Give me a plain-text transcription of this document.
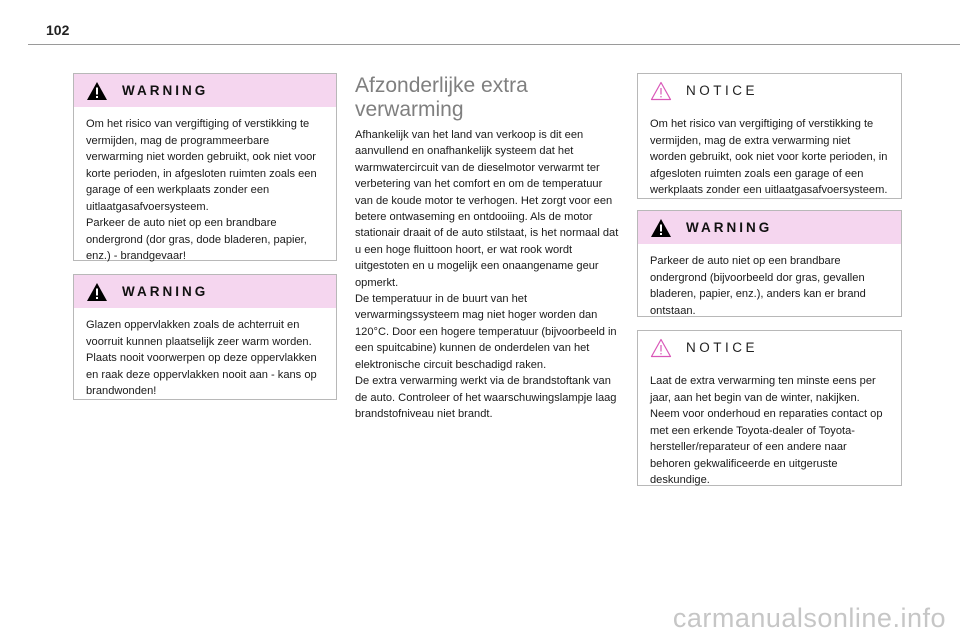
102
WARNING

Om het risico van vergiftiging of verstikking te vermijden, mag de programmeerbare verwarming niet worden gebruikt, ook niet voor korte perioden, in afgesloten ruimten zoals een garage of een werkplaats zonder een uitlaatgasafvoersysteem.

Parkeer de auto niet op een brandbare ondergrond (dor gras, dode bladeren, papier, enz.) - brandgevaar!

WARNING

Glazen oppervlakken zoals de achterruit en voorruit kunnen plaatselijk zeer warm worden. Plaats nooit voorwerpen op deze oppervlakken en raak deze oppervlakken nooit aan - kans op brandwonden!

Afzonderlijke extra verwarming

Afhankelijk van het land van verkoop is dit een aanvullend en onafhankelijk systeem dat het warmwatercircuit van de dieselmotor verwarmt ter verbetering van het comfort en om de temperatuur van de koude motor te verhogen. Het zorgt voor een betere ontwaseming en ontdooiing. Als de motor stationair draait of de auto stilstaat, is het normaal dat u een hoge fluittoon hoort, er wat rook wordt uitgestoten en u mogelijk een onaangename geur opmerkt.

De temperatuur in de buurt van het verwarmingssysteem mag niet hoger worden dan 120°C. Door een hogere temperatuur (bijvoorbeeld in een spuitcabine) kunnen de onderdelen van het elektronische circuit beschadigd raken.

De extra verwarming werkt via de brandstoftank van de auto. Controleer of het waarschuwingslampje laag brandstofniveau niet brandt.

NOTICE

Om het risico van vergiftiging of verstikking te vermijden, mag de extra verwarming niet worden gebruikt, ook niet voor korte perioden, in afgesloten ruimten zoals een garage of een werkplaats zonder een uitlaatgasafvoersysteem.

WARNING

Parkeer de auto niet op een brandbare ondergrond (bijvoorbeeld dor gras, gevallen bladeren, papier, enz.), anders kan er brand ontstaan.

NOTICE

Laat de extra verwarming ten minste eens per jaar, aan het begin van de winter, nakijken.

Neem voor onderhoud en reparaties contact op met een erkende Toyota-dealer of Toyota-hersteller/reparateur of een andere naar behoren gekwalificeerde en uitgeruste deskundige.

carmanualsonline.info
